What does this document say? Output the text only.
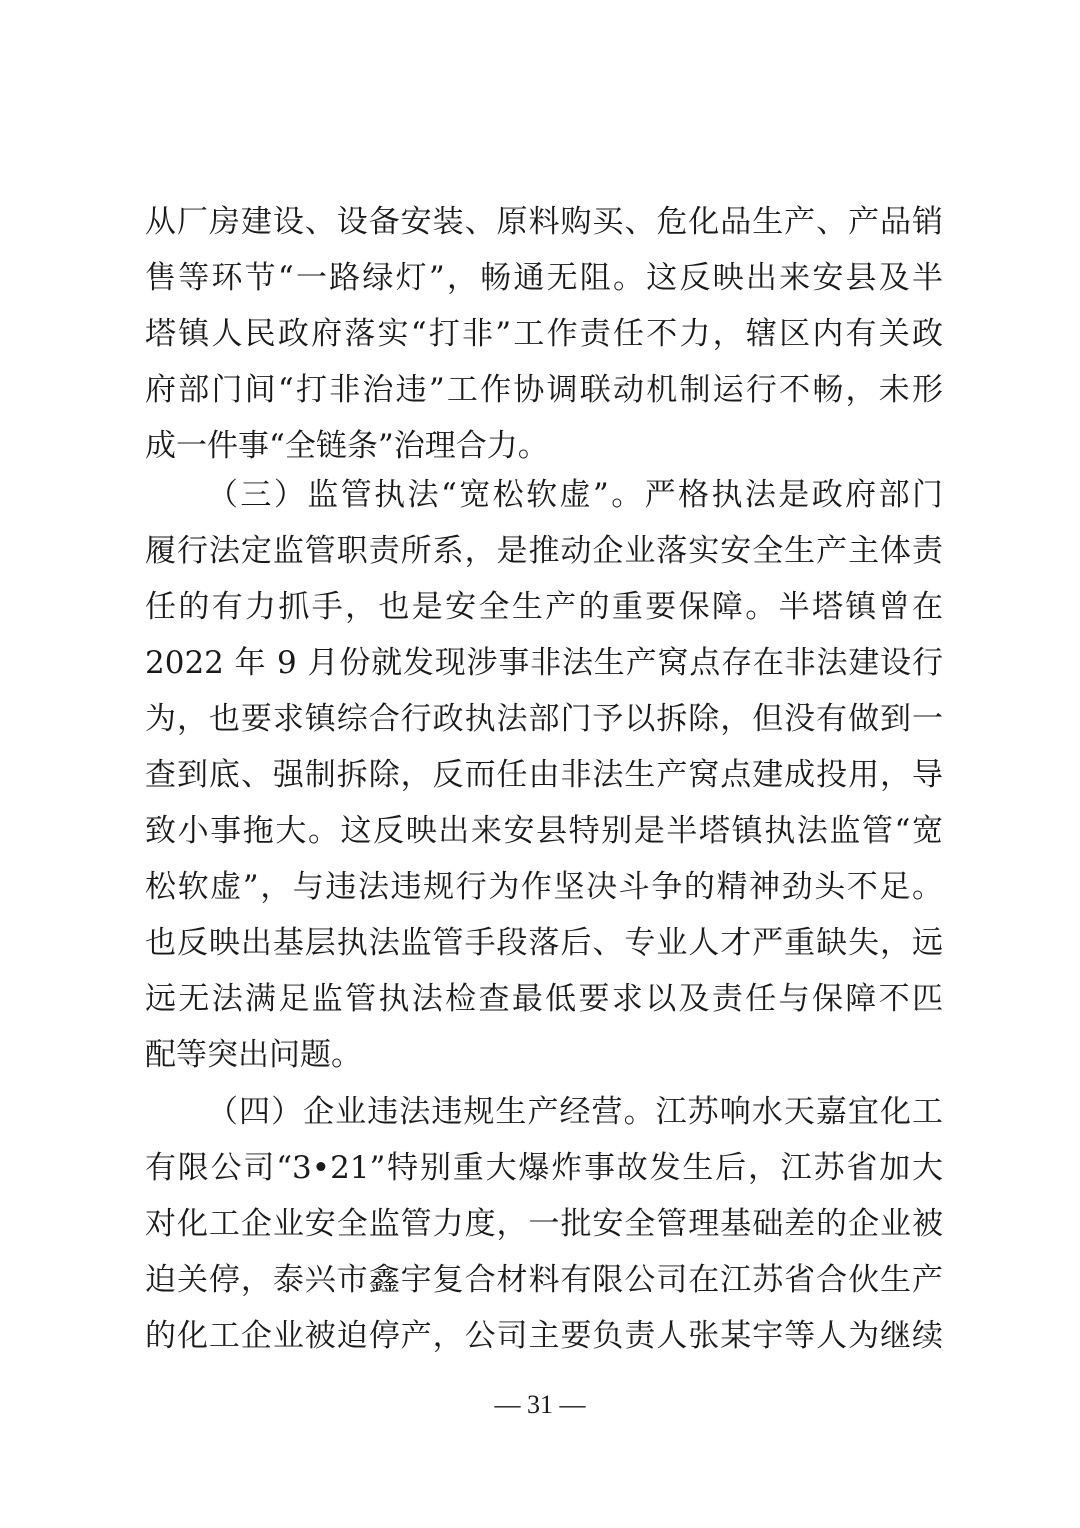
从厂房建设、设备安装、原料购买、危化品生产、产品销
售等环节“一路绿灯”，畅通无阻。这反映出来安县及半
塔镇人民政府落实“打非”工作责任不力，辖区内有关政
府部门间“打非治违”工作协调联动机制运行不畅，未形
成一件事“全链条”治理合力。
（三）监管执法“宽松软虚”。严格执法是政府部门
履行法定监管职责所系，是推动企业落实安全生产主体责
任的有力抓手，也是安全生产的重要保障。半塔镇曾在
2022 年 9 月份就发现涉事非法生产窝点存在非法建设行
为，也要求镇综合行政执法部门予以拆除，但没有做到一
查到底、强制拆除，反而任由非法生产窝点建成投用，导
致小事拖大。这反映出来安县特别是半塔镇执法监管“宽
松软虚”，与违法违规行为作坚决斗争的精神劲头不足。
也反映出基层执法监管手段落后、专业人才严重缺失，远
远无法满足监管执法检查最低要求以及责任与保障不匹
配等突出问题。
（四）企业违法违规生产经营。江苏响水天嘉宜化工
有限公司“3•21”特别重大爆炸事故发生后，江苏省加大
对化工企业安全监管力度，一批安全管理基础差的企业被
迫关停，泰兴市鑫宇复合材料有限公司在江苏省合伙生产
的化工企业被迫停产，公司主要负责人张某宇等人为继续
— 31 —
